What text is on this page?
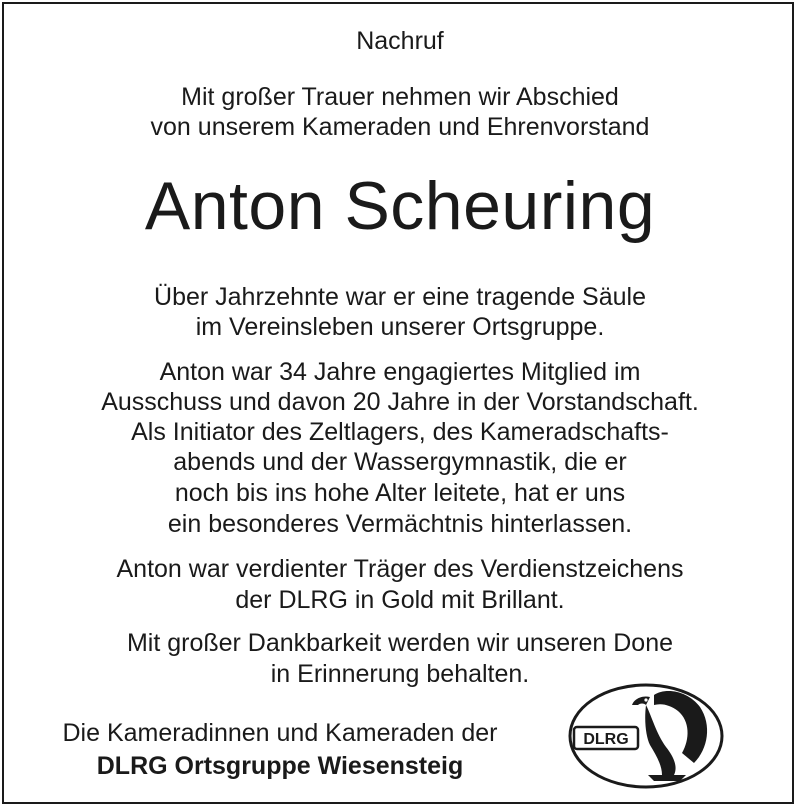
Nachruf
Mit großer Trauer nehmen wir Abschied
von unserem Kameraden und Ehrenvorstand
Anton Scheuring
Über Jahrzehnte war er eine tragende Säule
im Vereinsleben unserer Ortsgruppe.
Anton war 34 Jahre engagiertes Mitglied im
Ausschuss und davon 20 Jahre in der Vorstandschaft.
Als Initiator des Zeltlagers, des Kameradschafts-
abends und der Wassergymnastik, die er
noch bis ins hohe Alter leitete, hat er uns
ein besonderes Vermächtnis hinterlassen.
Anton war verdienter Träger des Verdienstzeichens
der DLRG in Gold mit Brillant.
Mit großer Dankbarkeit werden wir unseren Done
in Erinnerung behalten.
Die Kameradinnen und Kameraden der
DLRG Ortsgruppe Wiesensteig
DLRG
